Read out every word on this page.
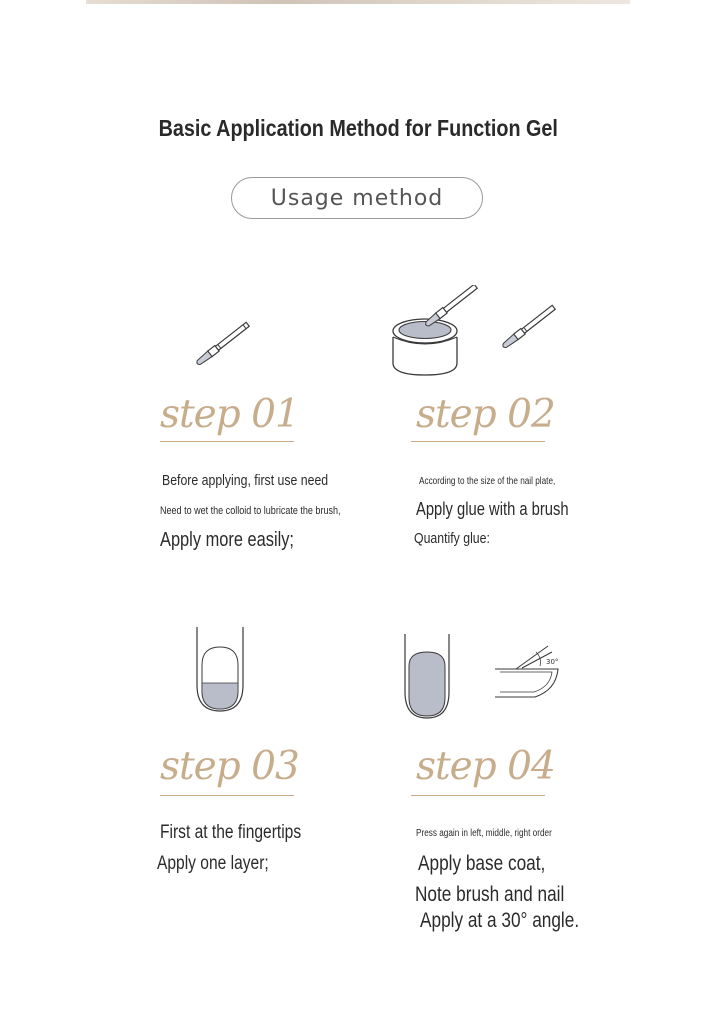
Basic Application Method for Function Gel
Usage method
step 01	step 02
Before applying, first use need
Need to wet the colloid to lubricate the brush,
Apply more easily;
According to the size of the nail plate,
Apply glue with a brush
Quantify glue:
30°
step 03	step 04
First at the fingertips
Apply one layer;
Press again in left, middle, right order
Apply base coat,
Note brush and nail
Apply at a 30° angle.
